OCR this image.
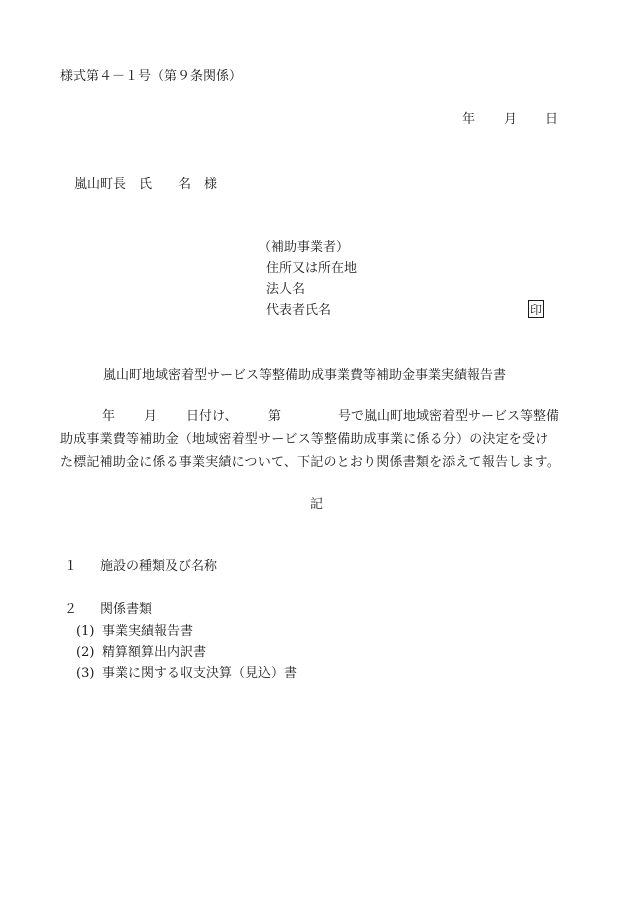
様式第４－１号（第９条関係）
年 月 日
嵐山町長　氏　　名　様
（補助事業者）
住所又は所在地
法人名
代表者氏名	印
嵐山町地域密着型サービス等整備助成事業費等補助金事業実績報告書
年 月 日付け、 第	号で嵐山町地域密着型サービス等整備
助成事業費等補助金（地域密着型サービス等整備助成事業に係る分）の決定を受け
た標記補助金に係る事業実績について、下記のとおり関係書類を添えて報告します。
記
１ 施設の種類及び名称
２ 関係書類
(1) 事業実績報告書
(2) 精算額算出内訳書
(3) 事業に関する収支決算（見込）書
